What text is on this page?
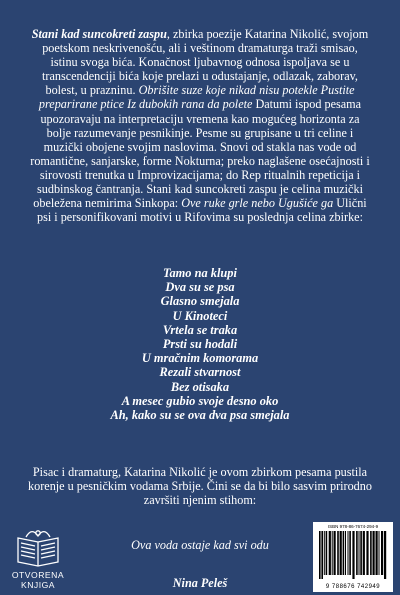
Stani kad suncokreti zaspu, zbirka poezije Katarina Nikolić, svojom poetskom neskrivenošću, ali i veštinom dramaturga traži smisao, istinu svoga bića. Konačnost ljubavnog odnosa ispoljava se u transcendenciji bića koje prelazi u odustajanje, odlazak, zaborav, bolest, u prazninu. Obrišite suze koje nikad nisu potekle Pustite preparirane ptice Iz dubokih rana da polete Datumi ispod pesama upozoravaju na interpretaciju vremena kao mogućeg horizonta za bolje razumevanje pesnikinje. Pesme su grupisane u tri celine i muzički obojene svojim naslovima. Snovi od stakla nas vode od romantične, sanjarske, forme Nokturna; preko naglašene osećajnosti i sirovosti trenutka u Improvizacijama; do Rep ritualnih repeticija i sudbinskog čantranja. Stani kad suncokreti zaspu je celina muzički obeležena nemirima Sinkopa: Ove ruke grle nebo Ugušiće ga Ulični psi i personifikovani motivi u Rifovima su poslednja celina zbirke:

Tamo na klupi
Dva su se psa
Glasno smejala
U Kinoteci
Vrtela se traka
Prsti su hodali
U mračnim komorama
Rezali stvarnost
Bez otisaka
A mesec gubio svoje desno oko
Ah, kako su se ova dva psa smejala

Pisac i dramaturg, Katarina Nikolić je ovom zbirkom pesama pustila korenje u pesničkim vodama Srbije. Čini se da bi bilo sasvim prirodno završiti njenim stihom:

Ova voda ostaje kad svi odu
Nina Peleš
OTVORENA
KNJIGA
ISBN 978-86-7674-294-9
9 788676 742949
